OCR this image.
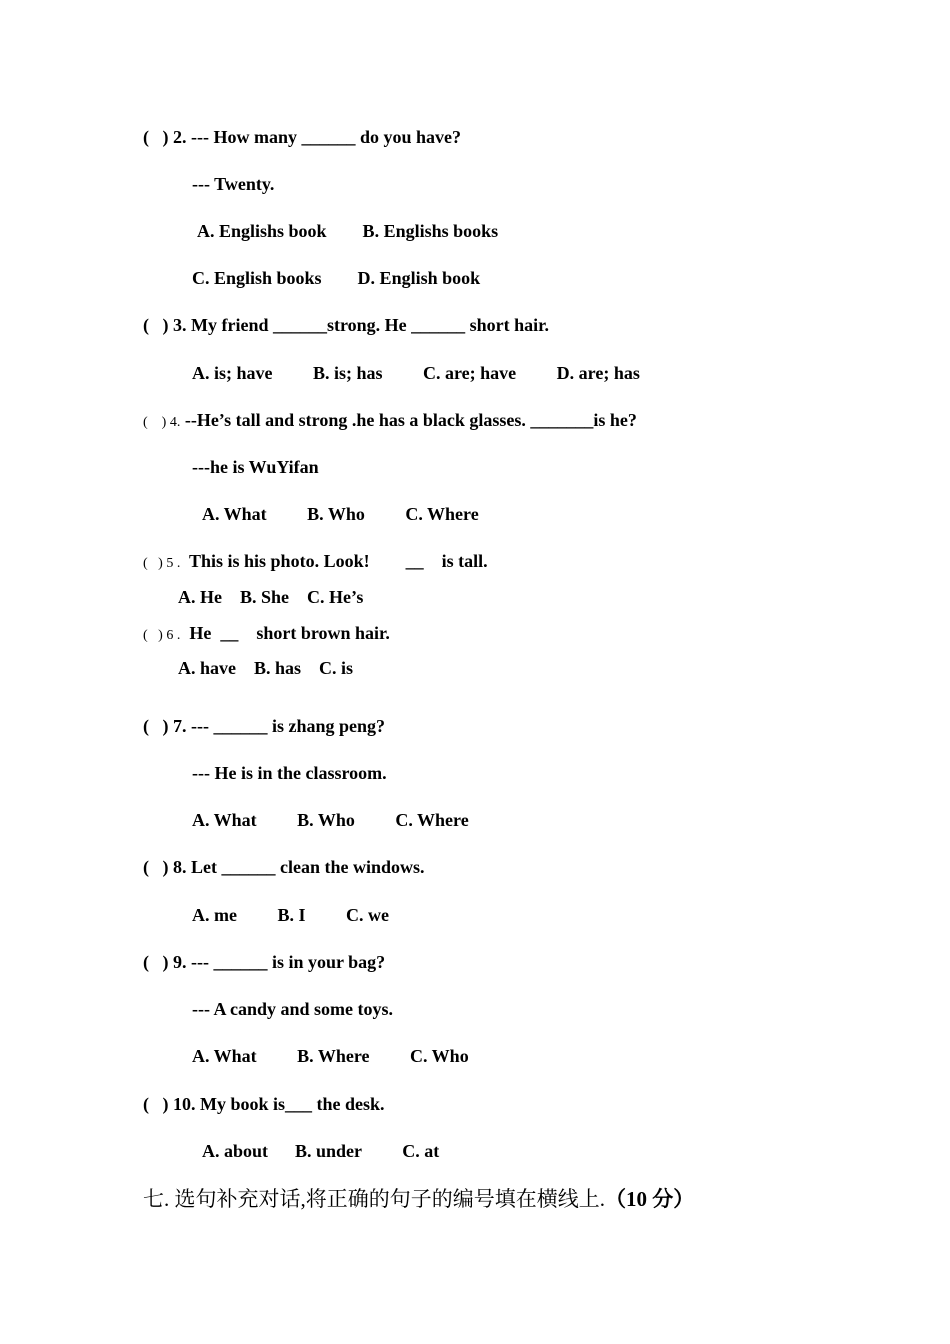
(   ) 2. --- How many ______ do you have?
--- Twenty.
A. Englishs book        B. Englishs books
C. English books        D. English book
(   ) 3. My friend ______strong. He ______ short hair.
A. is; have         B. is; has         C. are; have         D. are; has
(    ) 4. --He’s tall and strong .he has a black glasses. _______is he?
---he is WuYifan
A. What         B. Who         C. Where
(   ) 5 .  This is his photo. Look!        __    is tall.
A. He    B. She    C. He’s
(   ) 6 .  He  __    short brown hair.
A. have    B. has    C. is
(   ) 7. --- ______ is zhang peng?
--- He is in the classroom.
A. What         B. Who         C. Where
(   ) 8. Let ______ clean the windows.
A. me         B. I         C. we
(   ) 9. --- ______ is in your bag?
--- A candy and some toys.
A. What         B. Where         C. Who
(   ) 10. My book is___ the desk.
A. about      B. under         C. at
七. 选句补充对话,将正确的句子的编号填在横线上.（10 分）
